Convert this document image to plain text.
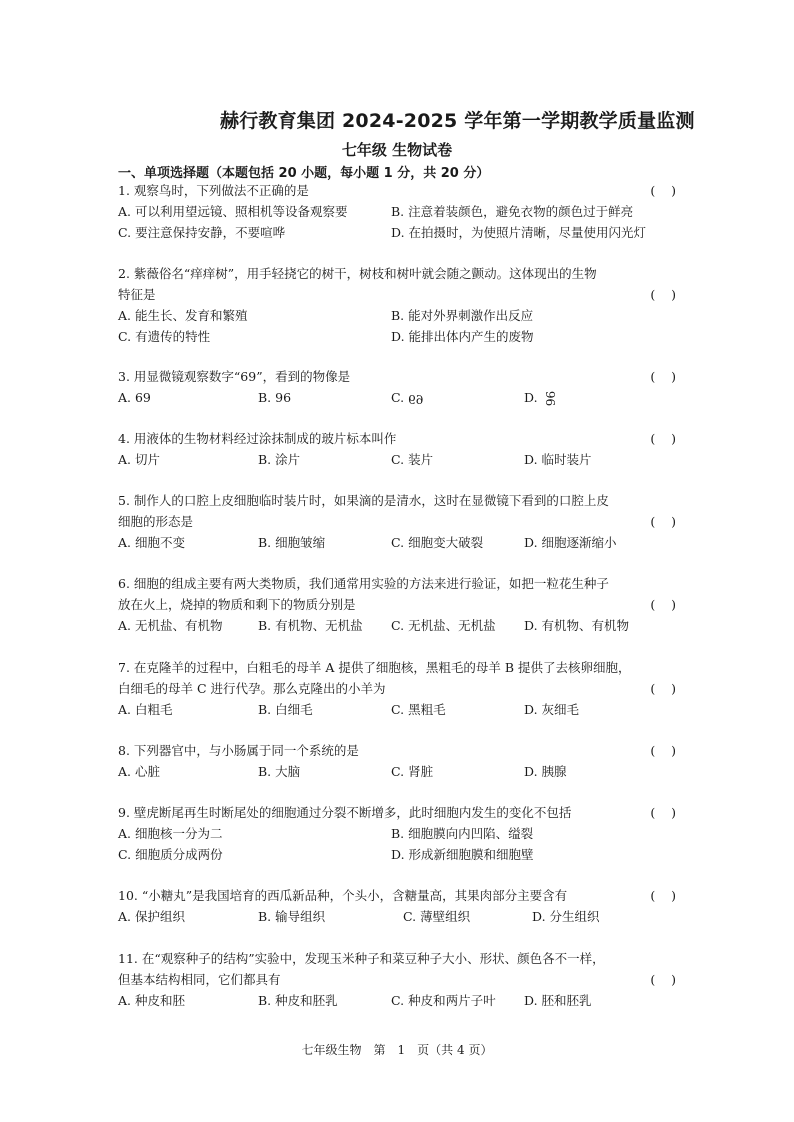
赫行教育集团 2024-2025 学年第一学期教学质量监测
七年级 生物试卷
一、单项选择题（本题包括 20 小题，每小题 1 分，共 20 分）
1. 观察鸟时，下列做法不正确的是	(    )
A. 可以利用望远镜、照相机等设备观察要	B. 注意着装颜色，避免衣物的颜色过于鲜亮
C. 要注意保持安静，不要喧哗	D. 在拍摄时，为使照片清晰，尽量使用闪光灯
2. 紫薇俗名“痒痒树”，用手轻挠它的树干，树枝和树叶就会随之颤动。这体现出的生物
特征是	(    )
A. 能生长、发育和繁殖	B. 能对外界刺激作出反应
C. 有遗传的特性	D. 能排出体内产生的废物
3. 用显微镜观察数字“69”，看到的物像是	(    )
A. 69	B. 96	C. 69	D. 96
4. 用液体的生物材料经过涂抹制成的玻片标本叫作	(    )
A. 切片	B. 涂片	C. 装片	D. 临时装片
5. 制作人的口腔上皮细胞临时装片时，如果滴的是清水，这时在显微镜下看到的口腔上皮
细胞的形态是	(    )
A. 细胞不变	B. 细胞皱缩	C. 细胞变大破裂	D. 细胞逐渐缩小
6. 细胞的组成主要有两大类物质，我们通常用实验的方法来进行验证，如把一粒花生种子
放在火上，烧掉的物质和剩下的物质分别是	(    )
A. 无机盐、有机物	B. 有机物、无机盐 C. 无机盐、无机盐 D. 有机物、有机物
7. 在克隆羊的过程中，白粗毛的母羊 A 提供了细胞核，黑粗毛的母羊 B 提供了去核卵细胞，
白细毛的母羊 C 进行代孕。那么克隆出的小羊为	(    )
A. 白粗毛	B. 白细毛	C. 黑粗毛	D. 灰细毛
8. 下列器官中，与小肠属于同一个系统的是	(    )
A. 心脏	B. 大脑	C. 肾脏	D. 胰腺
9. 壁虎断尾再生时断尾处的细胞通过分裂不断增多，此时细胞内发生的变化不包括	(    )
A. 细胞核一分为二	B. 细胞膜向内凹陷、缢裂
C. 细胞质分成两份	D. 形成新细胞膜和细胞壁
10. “小糖丸”是我国培育的西瓜新品种，个头小，含糖量高，其果肉部分主要含有	(    )
A. 保护组织	B. 输导组织	C. 薄壁组织	D. 分生组织
11. 在“观察种子的结构”实验中，发现玉米种子和菜豆种子大小、形状、颜色各不一样，
但基本结构相同，它们都具有	(    )
A. 种皮和胚	B. 种皮和胚乳	C. 种皮和两片子叶 D. 胚和胚乳
七年级生物　第　1　页（共 4 页）
